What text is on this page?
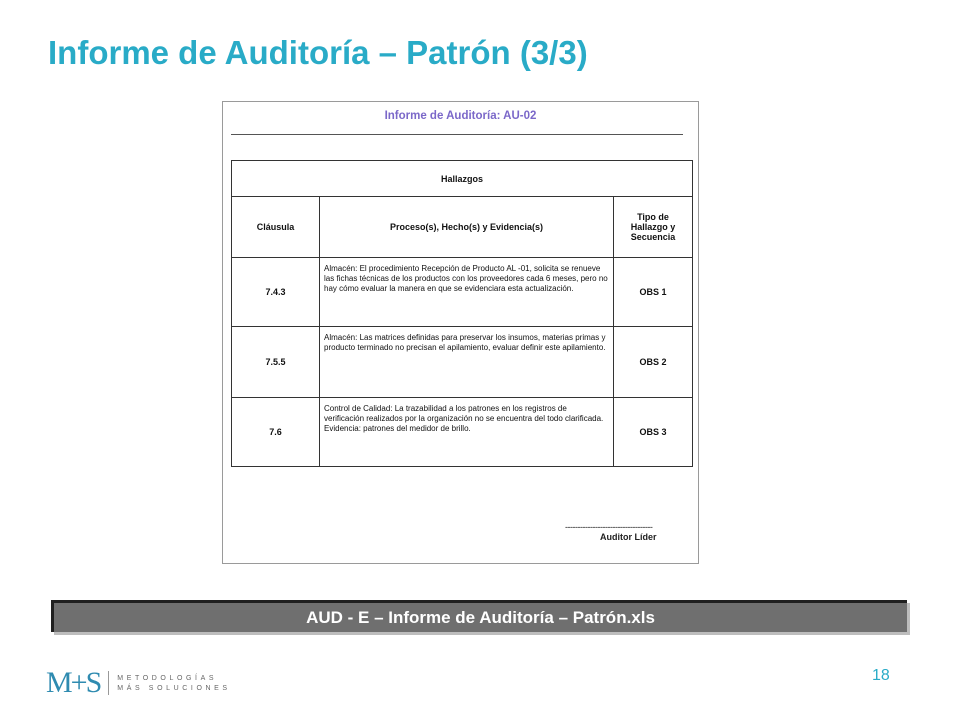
Informe de Auditoría – Patrón (3/3)
Informe de Auditoría: AU-02
Hallazgos		
Cláusula	Proceso(s), Hecho(s) y Evidencia(s)	Tipo de Hallazgo y Secuencia
7.4.3	Almacén: El procedimiento Recepción de Producto AL -01, solicita se renueve las fichas técnicas de los productos con los proveedores cada 6 meses, pero no hay cómo evaluar la manera en que se evidenciara esta actualización.	OBS 1
7.5.5	Almacén: Las matrices definidas para preservar los insumos, materias primas y producto terminado no precisan el apilamiento, evaluar definir este apilamiento.	OBS 2
7.6	Control de Calidad: La trazabilidad a los patrones en los registros de verificación realizados por la organización no se encuentra del todo clarificada. Evidencia: patrones del medidor de brillo.	OBS 3
-----------------------------------
Auditor Líder
AUD - E – Informe de Auditoría – Patrón.xls
M+S METODOLOGÍAS
MÁS SOLUCIONES
18
